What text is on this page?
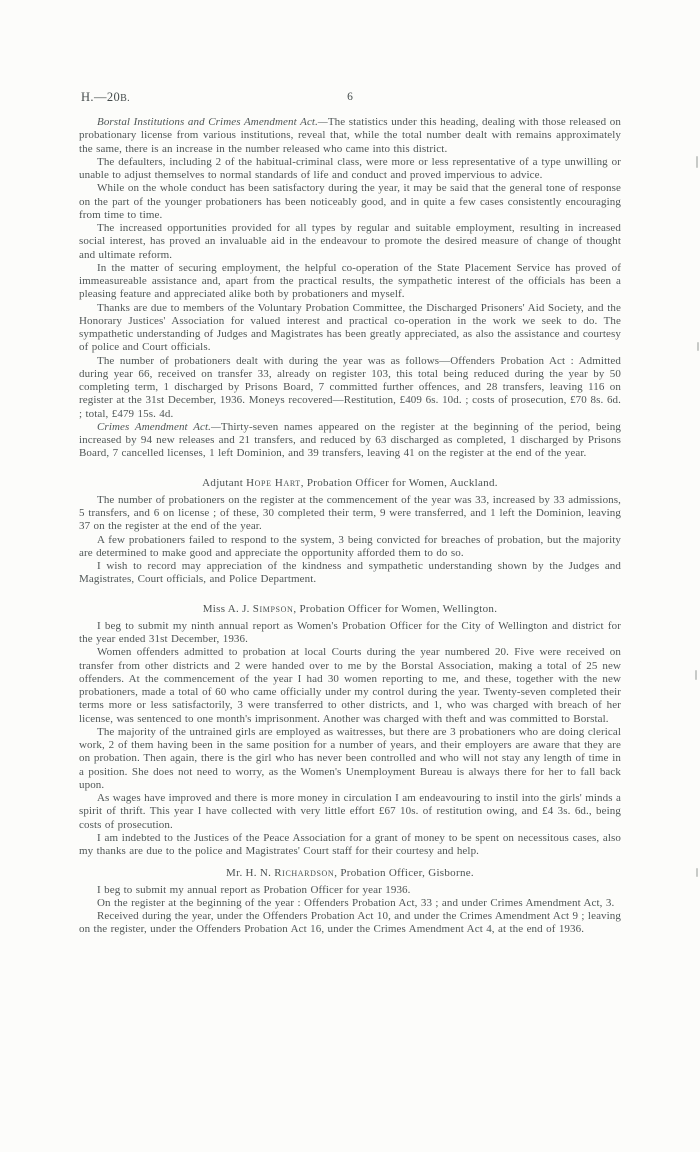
H.—20B.	6

Borstal Institutions and Crimes Amendment Act.—The statistics under this heading, dealing with those released on probationary license from various institutions, reveal that, while the total number dealt with remains approximately the same, there is an increase in the number released who came into this district.

The defaulters, including 2 of the habitual-criminal class, were more or less representative of a type unwilling or unable to adjust themselves to normal standards of life and conduct and proved impervious to advice.

While on the whole conduct has been satisfactory during the year, it may be said that the general tone of response on the part of the younger probationers has been noticeably good, and in quite a few cases consistently encouraging from time to time.

The increased opportunities provided for all types by regular and suitable employment, resulting in increased social interest, has proved an invaluable aid in the endeavour to promote the desired measure of change of thought and ultimate reform.

In the matter of securing employment, the helpful co-operation of the State Placement Service has proved of immeasureable assistance and, apart from the practical results, the sympathetic interest of the officials has been a pleasing feature and appreciated alike both by probationers and myself.

Thanks are due to members of the Voluntary Probation Committee, the Discharged Prisoners' Aid Society, and the Honorary Justices' Association for valued interest and practical co-operation in the work we seek to do. The sympathetic understanding of Judges and Magistrates has been greatly appreciated, as also the assistance and courtesy of police and Court officials.

The number of probationers dealt with during the year was as follows—Offenders Probation Act : Admitted during year 66, received on transfer 33, already on register 103, this total being reduced during the year by 50 completing term, 1 discharged by Prisons Board, 7 committed further offences, and 28 transfers, leaving 116 on register at the 31st December, 1936. Moneys recovered—Restitution, £409 6s. 10d. ; costs of prosecution, £70 8s. 6d. ; total, £479 15s. 4d.

Crimes Amendment Act.—Thirty-seven names appeared on the register at the beginning of the period, being increased by 94 new releases and 21 transfers, and reduced by 63 discharged as completed, 1 discharged by Prisons Board, 7 cancelled licenses, 1 left Dominion, and 39 transfers, leaving 41 on the register at the end of the year.

Adjutant Hope Hart, Probation Officer for Women, Auckland.

The number of probationers on the register at the commencement of the year was 33, increased by 33 admissions, 5 transfers, and 6 on license ; of these, 30 completed their term, 9 were transferred, and 1 left the Dominion, leaving 37 on the register at the end of the year.

A few probationers failed to respond to the system, 3 being convicted for breaches of probation, but the majority are determined to make good and appreciate the opportunity afforded them to do so.

I wish to record may appreciation of the kindness and sympathetic understanding shown by the Judges and Magistrates, Court officials, and Police Department.

Miss A. J. Simpson, Probation Officer for Women, Wellington.

I beg to submit my ninth annual report as Women's Probation Officer for the City of Wellington and district for the year ended 31st December, 1936.

Women offenders admitted to probation at local Courts during the year numbered 20. Five were received on transfer from other districts and 2 were handed over to me by the Borstal Association, making a total of 25 new offenders. At the commencement of the year I had 30 women reporting to me, and these, together with the new probationers, made a total of 60 who came officially under my control during the year. Twenty-seven completed their terms more or less satisfactorily, 3 were transferred to other districts, and 1, who was charged with breach of her license, was sentenced to one month's imprisonment. Another was charged with theft and was committed to Borstal.

The majority of the untrained girls are employed as waitresses, but there are 3 probationers who are doing clerical work, 2 of them having been in the same position for a number of years, and their employers are aware that they are on probation. Then again, there is the girl who has never been controlled and who will not stay any length of time in a position. She does not need to worry, as the Women's Unemployment Bureau is always there for her to fall back upon.

As wages have improved and there is more money in circulation I am endeavouring to instil into the girls' minds a spirit of thrift. This year I have collected with very little effort £67 10s. of restitution owing, and £4 3s. 6d., being costs of prosecution.

I am indebted to the Justices of the Peace Association for a grant of money to be spent on necessitous cases, also my thanks are due to the police and Magistrates' Court staff for their courtesy and help.

Mr. H. N. Richardson, Probation Officer, Gisborne.

I beg to submit my annual report as Probation Officer for year 1936.

On the register at the beginning of the year : Offenders Probation Act, 33 ; and under Crimes Amendment Act, 3.

Received during the year, under the Offenders Probation Act 10, and under the Crimes Amendment Act 9 ; leaving on the register, under the Offenders Probation Act 16, under the Crimes Amendment Act 4, at the end of 1936.
